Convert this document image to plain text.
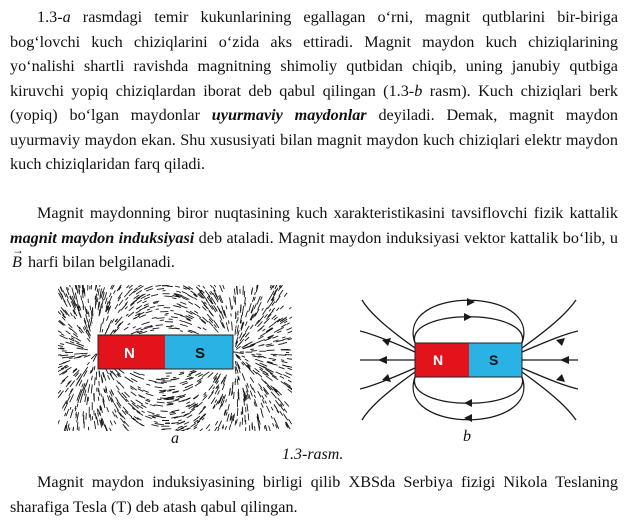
1.3-a rasmdagi temir kukunlarining egallagan o‘rni, magnit qutblarini bir-biriga bog‘lovchi kuch chiziqlarini o‘zida aks ettiradi. Magnit maydon kuch chiziqlarining yo‘nalishi shartli ravishda magnitning shimoliy qutbidan chiqib, uning janubiy qutbiga kiruvchi yopiq chiziqlardan iborat deb qabul qilingan (1.3-b rasm). Kuch chiziqlari berk (yopiq) bo‘lgan maydonlar uyurmaviy maydonlar deyiladi. Demak, magnit maydon uyurmaviy maydon ekan. Shu xususiyati bilan magnit maydon kuch chiziqlari elektr maydon kuch chiziqlaridan farq qiladi.
Magnit maydonning biror nuqtasining kuch xarakteristikasini tavsiflovchi fizik kattalik magnit maydon induksiyasi deb ataladi. Magnit maydon induksiyasi vektor kattalik bo‘lib, u → B harfi bilan belgilanadi.
N	S	N	S
a	b
1.3-rasm.
Magnit maydon induksiyasining birligi qilib XBSda Serbiya fizigi Nikola Teslaning sharafiga Tesla (T) deb atash qabul qilingan.
